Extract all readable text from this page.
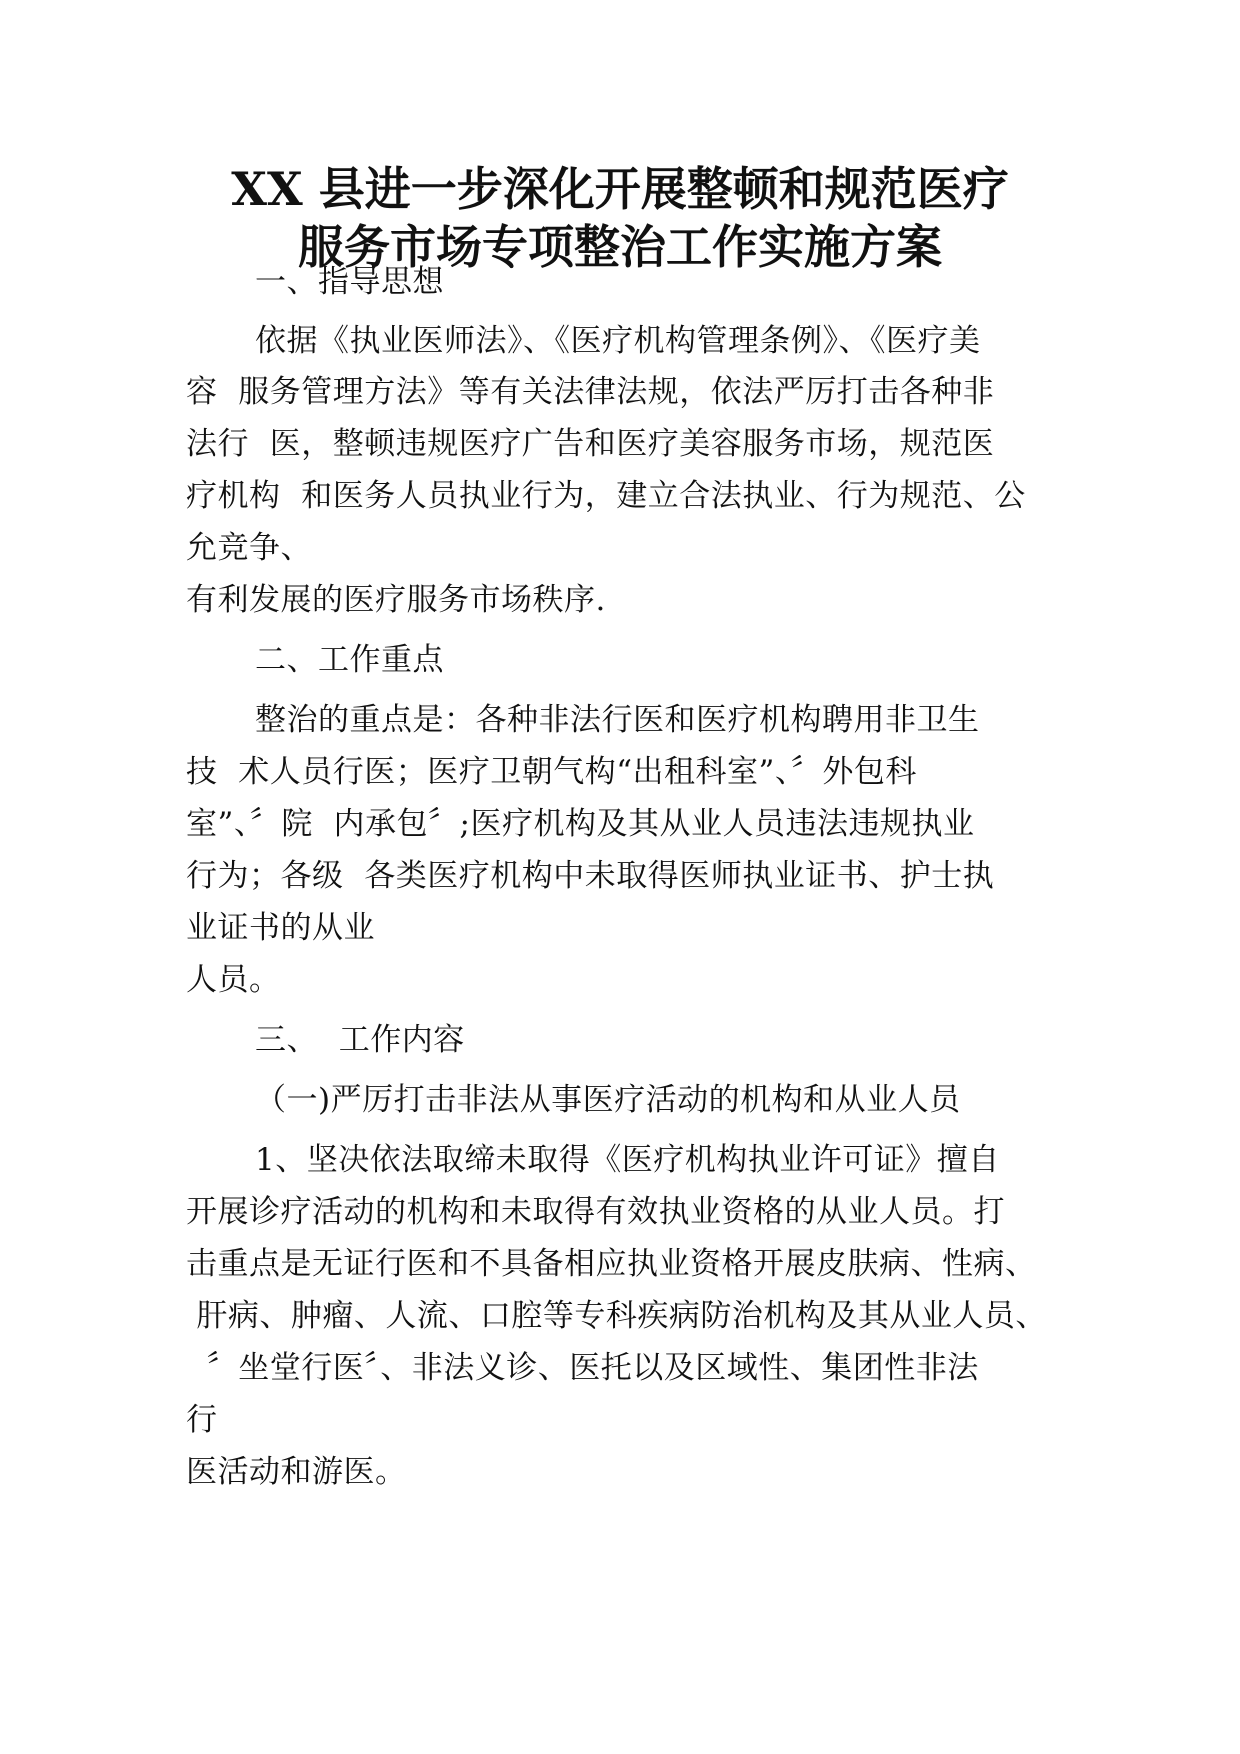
XX 县进一步深化开展整顿和规范医疗
服务市场专项整治工作实施方案
一、指导思想
依据《执业医师法》、《医疗机构管理条例》、《医疗美
容  服务管理方法》等有关法律法规，依法严厉打击各种非
法行  医，整顿违规医疗广告和医疗美容服务市场，规范医
疗机构  和医务人员执业行为，建立合法执业、行为规范、公
允竞争、
有利发展的医疗服务市场秩序.
二、工作重点
整治的重点是：各种非法行医和医疗机构聘用非卫生
技  术人员行医；医疗卫朝气构“出租科室”、〞外包科
室”、〞院  内承包〞;医疗机构及其从业人员违法违规执业
行为；各级  各类医疗机构中未取得医师执业证书、护士执
业证书的从业
人员。
三、  工作内容
（一)严厉打击非法从事医疗活动的机构和从业人员
1、坚决依法取缔未取得《医疗机构执业许可证》擅自
开展诊疗活动的机构和未取得有效执业资格的从业人员。打
击重点是无证行医和不具备相应执业资格开展皮肤病、性病、
肝病、肿瘤、人流、口腔等专科疾病防治机构及其从业人员、
〞坐堂行医〞、非法义诊、医托以及区域性、集团性非法
行
医活动和游医。
